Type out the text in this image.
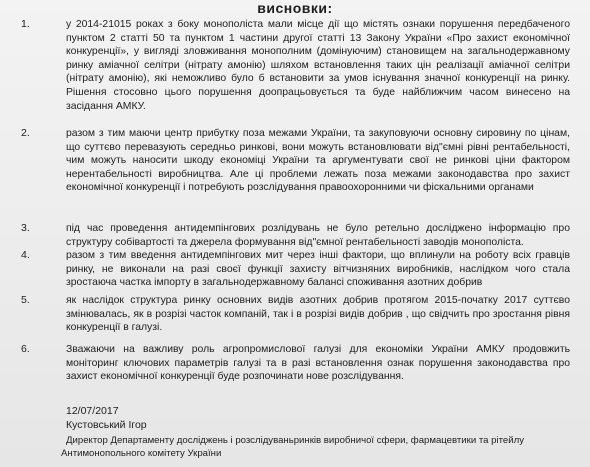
висновки:
1.	у 2014-21015 роках з боку монополіста мали місце дії що містять ознаки порушення передбаченого пунктом 2 статті 50 та пунктом 1 частини другої статті 13 Закону України «Про захист економічної конкуренції», у вигляді зловживання монополним (домінуючим) становищем на загальнодержавному ринку аміачної селітри (нітрату амонію) шляхом встановлення таких цін реалізації аміачної селітри (нітрату амонію), які неможливо було б встановити за умов існування значної конкуренції на ринку. Рішення стосовно цього порушення доопрацьовується та буде найближчим часом винесено на засідання АМКУ.
2.	разом з тим маючи центр прибутку поза межами України, та закуповуючи основну сировину по цінам, що суттєво перевазують середньо ринкові, вони можуть встановлювати від"ємні рівні рентабельності, чим можуть наносити шкоду економіці України та аргументувати свої не ринкові ціни фактором нерентабельності виробництва. Але ці проблеми лежать поза межами законодавства про захист економічної конкуренції і потребують розслідування правоохоронними чи фіскальними органами
3.	під час проведення антидемпінгових розлідувань не було ретельно досліджено інформацію про структуру собівартості та джерела формування від"ємної рентабельності заводів монополіста.
4.	разом з тим введення антидемпінгових мит через інші фактори, що вплинули на роботу всіх гравців ринку, не виконали на разі своєї функції захисту вітчизняних виробників, наслідком чого стала зростаюча частка імпорту в загальнодержавному балансі споживання азотних добрив
5.	як наслідок структура ринку основних видів азотних добрив протягом 2015-початку 2017 суттєво змінювалась, як в розрізі часток компаній, так і в розрізі видів добрив , що свідчить про зростання рівня конкуренції в галузі.
6.	Зважаючи на важливу роль агропромислової галузі для економіки України АМКУ продовжить моніторинг ключових параметрів галузі та в разі встановлення ознак порушення законодавства про захист економічної конкуренції буде розпочинати нове розслідування.
12/07/2017
Кустовський Ігор
Директор Департаменту досліджень і розслідуваньринків виробничої сфери, фармацевтики та рітейлу
Антимонопольного комітету України
